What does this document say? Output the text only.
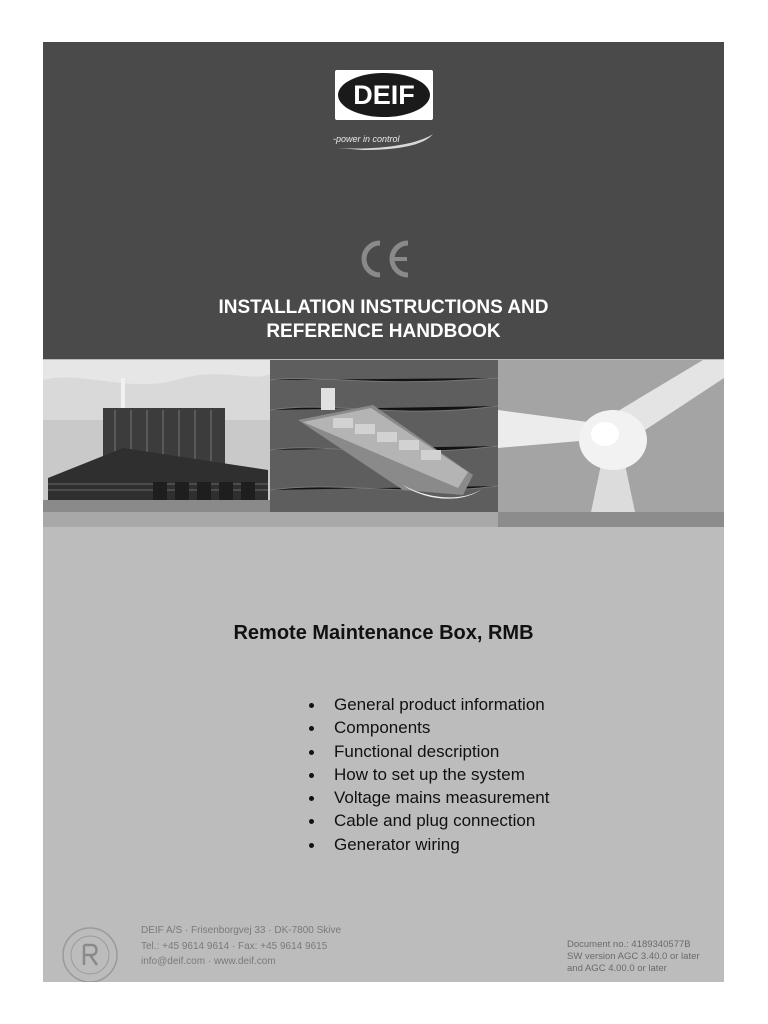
DEIF
-power in control
INSTALLATION INSTRUCTIONS AND
REFERENCE HANDBOOK
Remote Maintenance Box, RMB
General product information
Components
Functional description
How to set up the system
Voltage mains measurement
Cable and plug connection
Generator wiring
DEIF A/S · Frisenborgvej 33 · DK-7800 Skive
Tel.: +45 9614 9614 · Fax: +45 9614 9615
info@deif.com · www.deif.com
Document no.: 4189340577B
SW version AGC 3.40.0 or later
and AGC 4.00.0 or later
